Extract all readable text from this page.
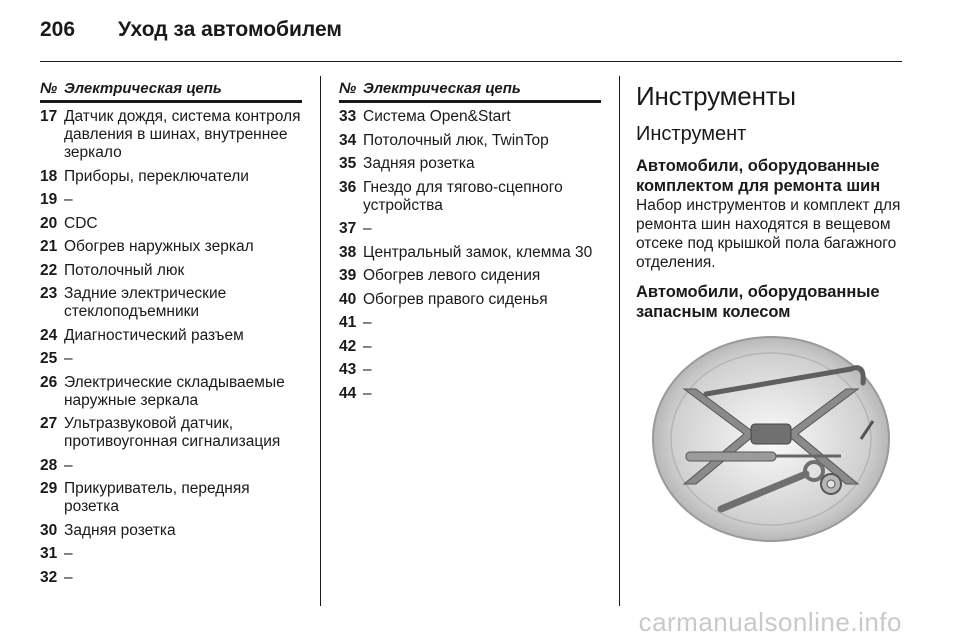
206	Уход за автомобилем
№ Электрическая цепь
17 Датчик дождя, система контроля давления в шинах, внутреннее зеркало
18 Приборы, переключатели
19 –
20 CDC
21 Обогрев наружных зеркал
22 Потолочный люк
23 Задние электрические стеклоподъемники
24 Диагностический разъем
25 –
26 Электрические складываемые наружные зеркала
27 Ультразвуковой датчик, противоугонная сигнализация
28 –
29 Прикуриватель, передняя розетка
30 Задняя розетка
31 –
32 –
№ Электрическая цепь
33 Система Open&Start
34 Потолочный люк, TwinTop
35 Задняя розетка
36 Гнездо для тягово-сцепного устройства
37 –
38 Центральный замок, клемма 30
39 Обогрев левого сидения
40 Обогрев правого сиденья
41 –
42 –
43 –
44 –
Инструменты
Инструмент
Автомобили, оборудованные комплектом для ремонта шин

Набор инструментов и комплект для ремонта шин находятся в вещевом отсеке под крышкой пола багажного отделения.

Автомобили, оборудованные запасным колесом
carmanualsonline.info
